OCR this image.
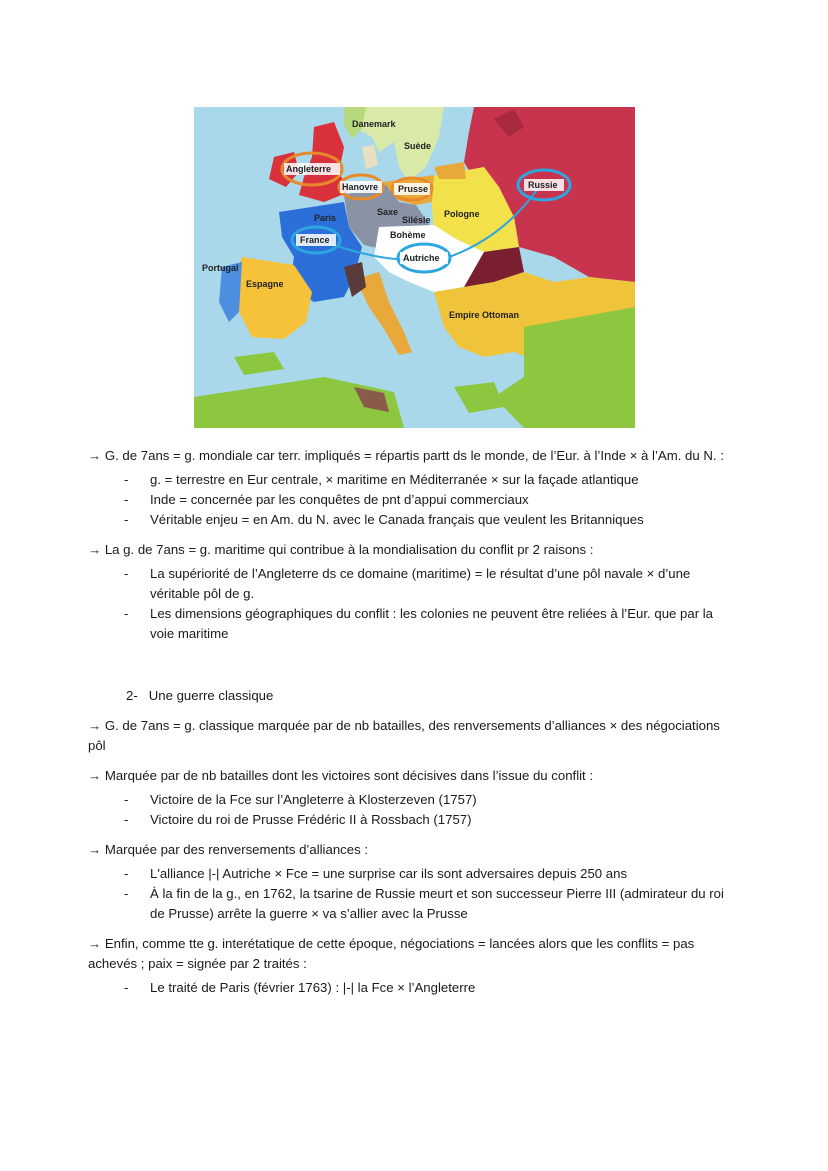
Danemark
Suède
Angleterre
Hanovre Prusse	Russie
Paris
Saxe
Silésie
Pologne
France	Bohème
Autriche
Portugal
Espagne
Empire Ottoman

→ G. de 7ans = g. mondiale car terr. impliqués = répartis partt ds le monde, de l’Eur. à l’Inde × à l’Am. du N. :

- g. = terrestre en Eur centrale, × maritime en Méditerranée × sur la façade atlantique
- Inde = concernée par les conquêtes de pnt d’appui commerciaux
- Véritable enjeu = en Am. du N. avec le Canada français que veulent les Britanniques

→ La g. de 7ans = g. maritime qui contribue à la mondialisation du conflit pr 2 raisons :

- La supériorité de l’Angleterre ds ce domaine (maritime) = le résultat d’une pôl navale × d’une véritable pôl de g.
- Les dimensions géographiques du conflit : les colonies ne peuvent être reliées à l’Eur. que par la voie maritime

2- Une guerre classique

→ G. de 7ans = g. classique marquée par de nb batailles, des renversements d’alliances × des négociations pôl

→ Marquée par de nb batailles dont les victoires sont décisives dans l’issue du conflit :

- Victoire de la Fce sur l’Angleterre à Klosterzeven (1757)
- Victoire du roi de Prusse Frédéric II à Rossbach (1757)

→ Marquée par des renversements d’alliances :

- L'alliance |-| Autriche × Fce = une surprise car ils sont adversaires depuis 250 ans
- À la fin de la g., en 1762, la tsarine de Russie meurt et son successeur Pierre III (admirateur du roi de Prusse) arrête la guerre × va s’allier avec la Prusse

→ Enfin, comme tte g. interétatique de cette époque, négociations = lancées alors que les conflits = pas achevés ; paix = signée par 2 traités :

- Le traité de Paris (février 1763) : |-| la Fce × l’Angleterre
